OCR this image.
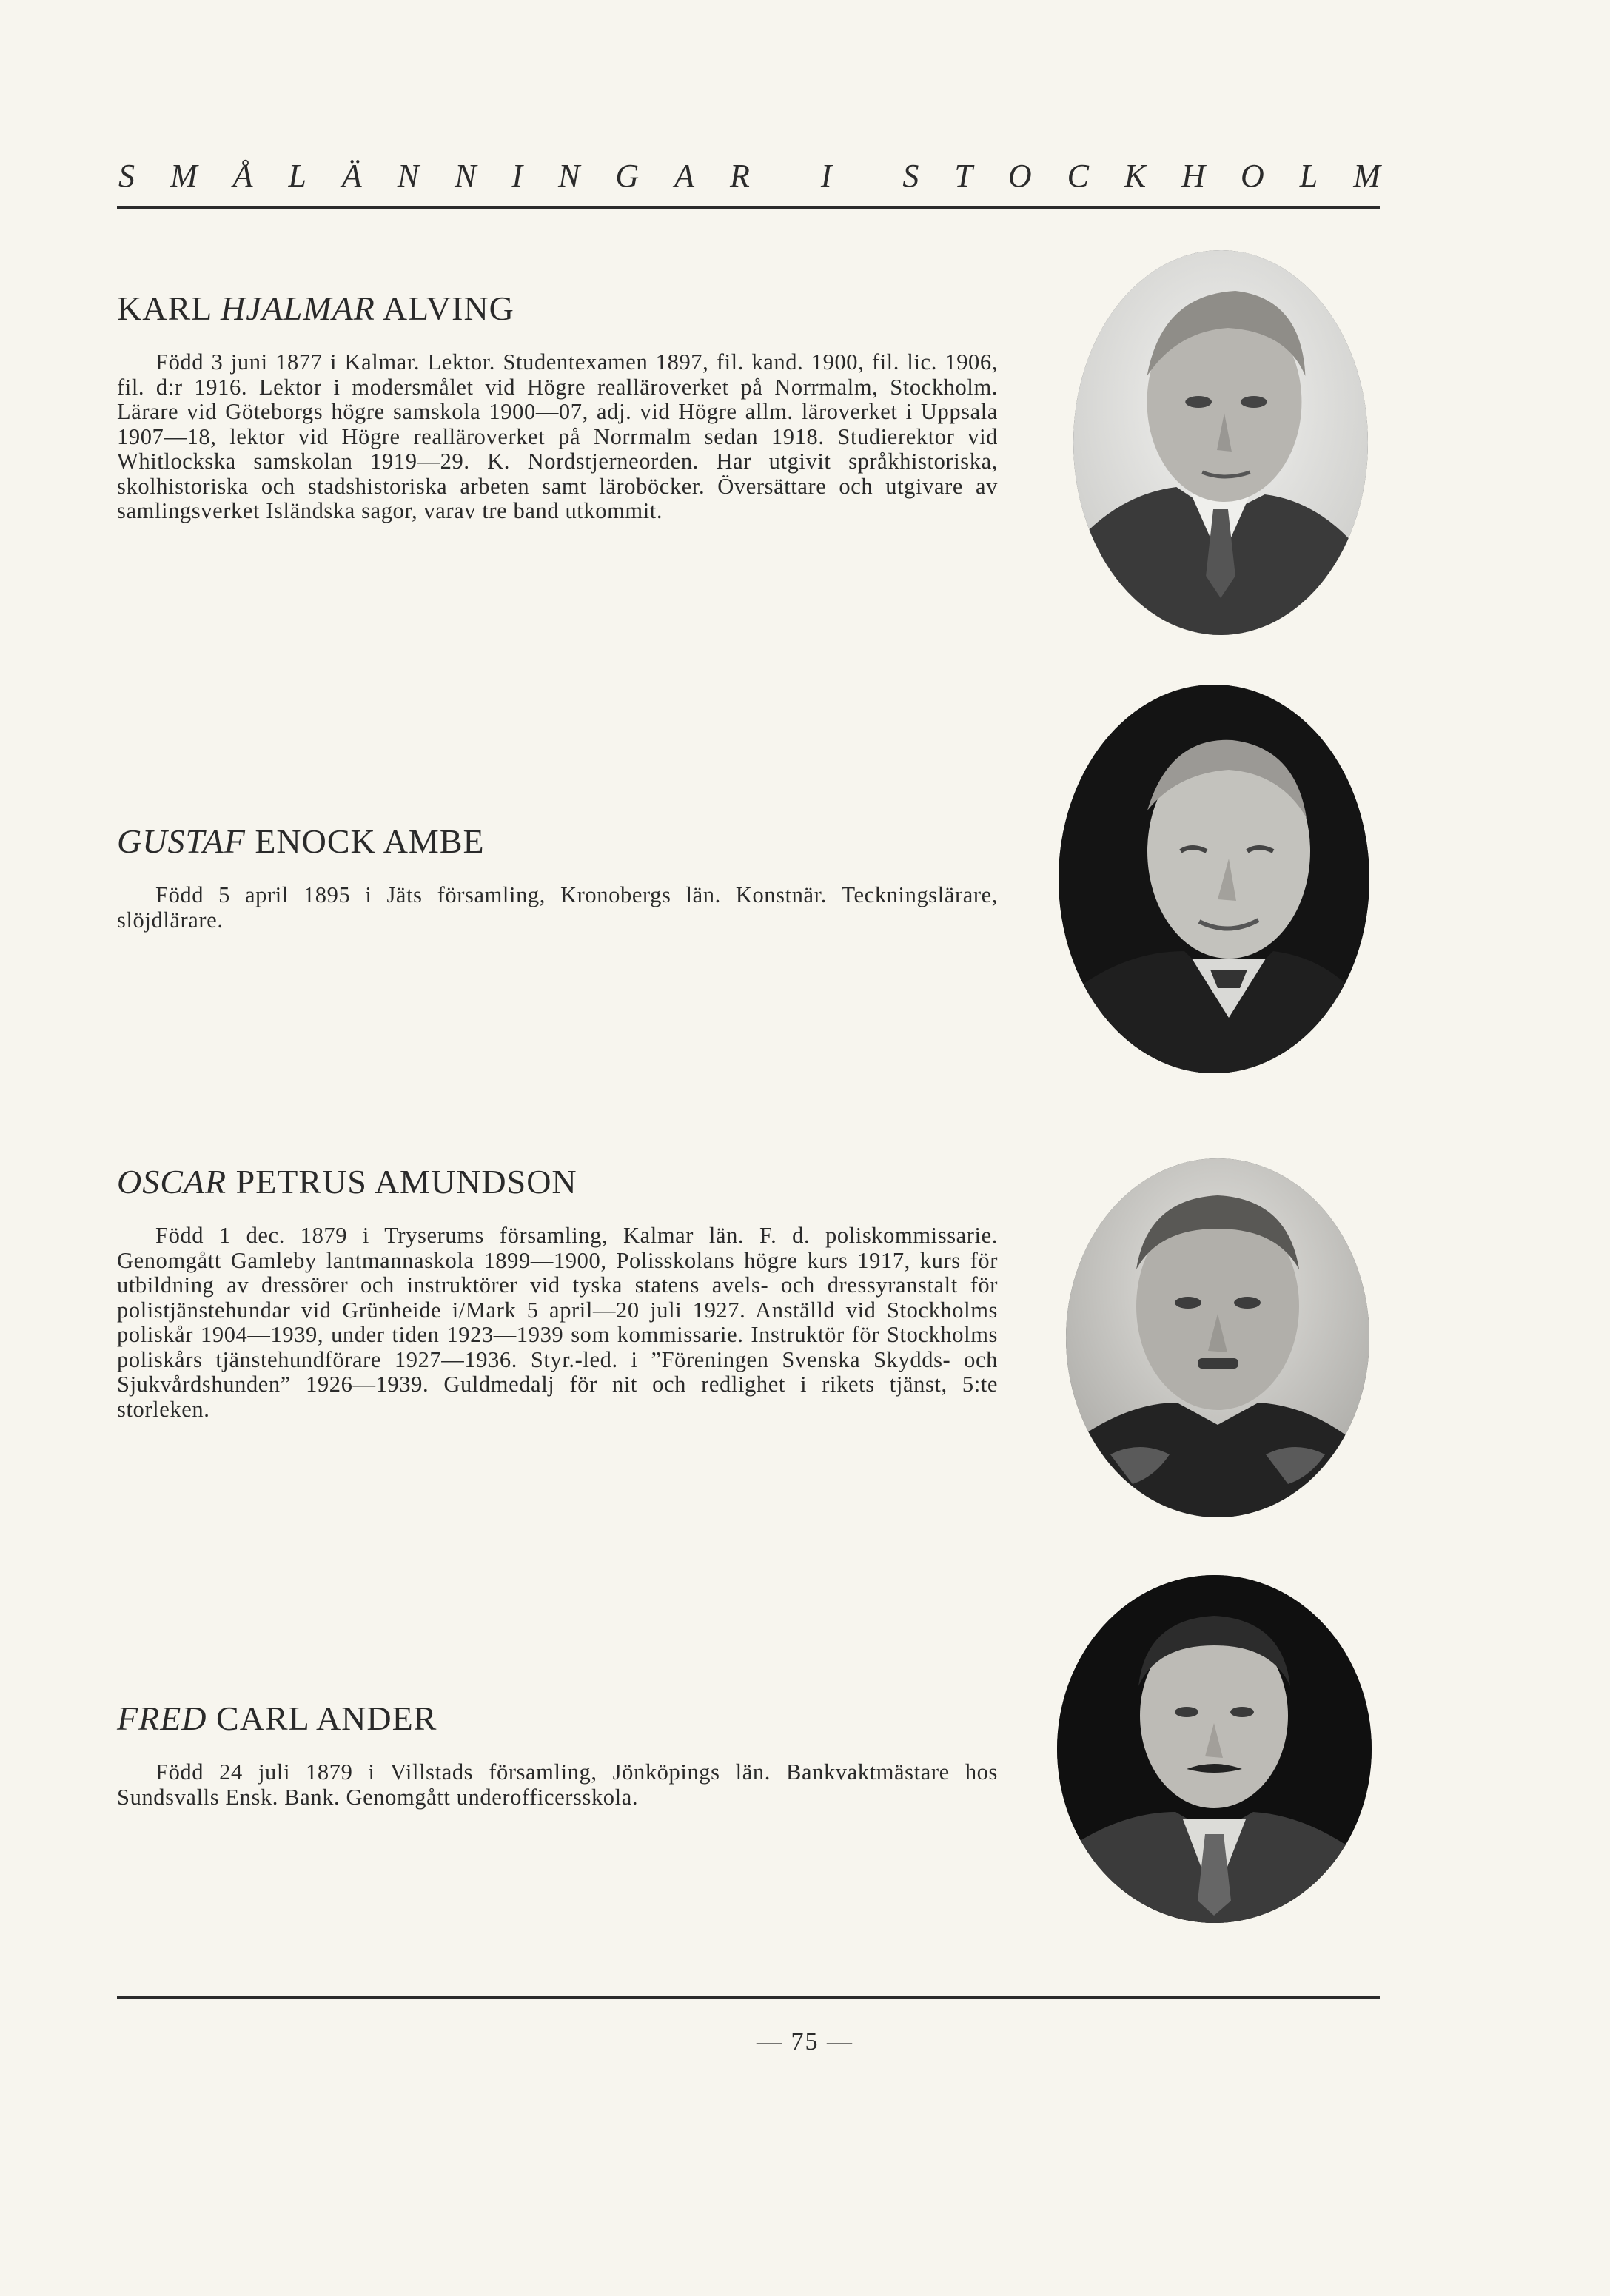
S M Å L Ä N N I N G A R I S T O C K H O L M
KARL HJALMAR ALVING

Född 3 juni 1877 i Kalmar. Lektor. Studentexamen 1897, fil. kand. 1900, fil. lic. 1906, fil. d:r 1916. Lektor i modersmålet vid Högre realläroverket på Norrmalm, Stockholm. Lärare vid Göteborgs högre samskola 1900—07, adj. vid Högre allm. läroverket i Uppsala 1907—18, lektor vid Högre realläroverket på Norrmalm sedan 1918. Studierektor vid Whitlockska samskolan 1919—29. K. Nordstjerneorden. Har utgivit språkhistoriska, skolhistoriska och stadshistoriska arbeten samt läroböcker. Översättare och utgivare av samlingsverket Isländska sagor, varav tre band utkommit.

GUSTAF ENOCK AMBE

Född 5 april 1895 i Jäts församling, Kronobergs län. Konstnär. Teckningslärare, slöjdlärare.

OSCAR PETRUS AMUNDSON

Född 1 dec. 1879 i Tryserums församling, Kalmar län. F. d. poliskommissarie. Genomgått Gamleby lantmannaskola 1899—1900, Polisskolans högre kurs 1917, kurs för utbildning av dressörer och instruktörer vid tyska statens avels- och dressyranstalt för polistjänstehundar vid Grünheide i/Mark 5 april—20 juli 1927. Anställd vid Stockholms poliskår 1904—1939, under tiden 1923—1939 som kommissarie. Instruktör för Stockholms poliskårs tjänstehundförare 1927—1936. Styr.-led. i ”Föreningen Svenska Skydds- och Sjukvårdshunden” 1926—1939. Guldmedalj för nit och redlighet i rikets tjänst, 5:te storleken.

FRED CARL ANDER

Född 24 juli 1879 i Villstads församling, Jönköpings län. Bankvaktmästare hos Sundsvalls Ensk. Bank. Genomgått underofficersskola.

— 75 —
